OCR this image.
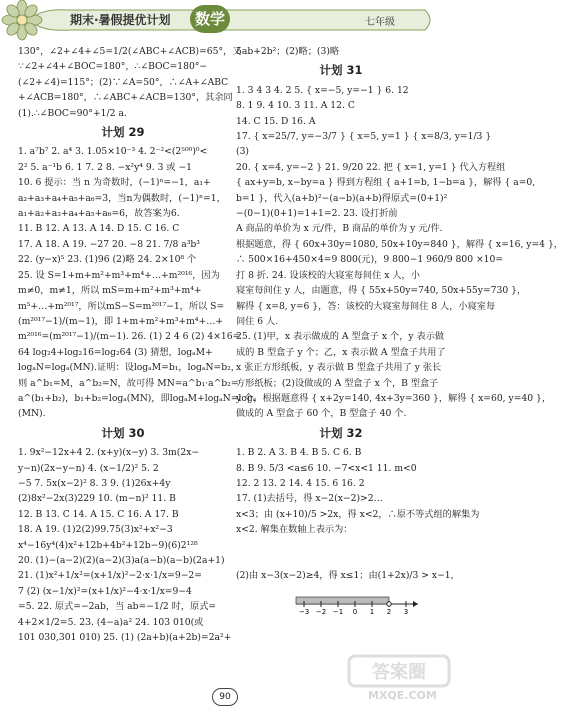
期末·暑假提优计划	数学	七年级
130°，∠2+∠4+∠5=1/2(∠ABC+∠ACB)=65°，又
∵∠2+∠4+∠BOC=180°，∴∠BOC=180°−
(∠2+∠4)=115°；(2)∵∠A=50°，∴∠A+∠ABC
+∠ACB=180°，∴∠ABC+∠ACB=130°，其余同
(1).∴∠BOC=90°+1/2 a.
计划 29
1. a⁷b⁷ 2. a⁴ 3. 1.05×10⁻³ 4. 2⁻²<(2⁵⁰⁰)⁰<
2² 5. a⁻¹b 6. 1 7. 2 8. −x²y⁴ 9. 3 或 −1
10. 6 提示：当 n 为奇数时，(−1)ⁿ=−1，a₁+
a₂+a₃+a₄+a₅+a₆=3，当n为偶数时，(−1)ⁿ=1，
a₁+a₂+a₃+a₄+a₅+a₆=6，故答案为6.
11. B 12. A 13. A 14. D 15. C 16. C
17. A 18. A 19. −27 20. −8 21. 7/8 a³b³
22. (y−x)⁵ 23. (1)96 (2)略 24. 2×10⁸ 个
25. 设 S=1+m+m²+m³+m⁴+…+m²⁰¹⁶，因为
m≠0，m≠1，所以 mS=m+m²+m³+m⁴+
m⁵+…+m²⁰¹⁷，所以mS−S=m²⁰¹⁷−1，所以 S=
(m²⁰¹⁷−1)/(m−1)，即 1+m+m²+m³+m⁴+…+
m²⁰¹⁶=(m²⁰¹⁷−1)/(m−1). 26. (1) 2 4 6 (2) 4×16=
64 log₂4+log₂16=log₂64 (3) 猜想，logₐM+
logₐN=logₐ(MN).证明：设logₐM=b₁，logₐN=b₂，
则 a^b₁=M，a^b₂=N，故可得 MN=a^b₁·a^b₂=
a^(b₁+b₂)，b₁+b₂=logₐ(MN)，即logₐM+logₐN=logₐ
(MN).
计划 30
1. 9x²−12x+4 2. (x+y)(x−y) 3. 3m(2x−
y−n)(2x−y−n) 4. (x−1/2)² 5. 2
−5 7. 5x(x−2)² 8. 3 9. (1)26x+4y
(2)8x²−2x(3)229 10. (m−n)² 11. B
12. B 13. C 14. A 15. C 16. A 17. B
18. A 19. (1)2(2)99.75(3)x²+x²−3
x⁴−16y⁴(4)x²+12b+4b²+12b−9)(6)2¹²⁸
20. (1)−(a−2)(2)(a−2)(3)a(a−b)(a−b)(2a+1)
21. (1)x²+1/x²=(x+1/x)²−2·x·1/x=9−2=
7 (2) (x−1/x)²=(x+1/x)²−4·x·1/x=9−4
=5. 22. 原式=−2ab，当 ab=−1/2 时，原式=
4+2×1/2=5. 23. (4−a)a² 24. 103 010(或
101 030,301 010) 25. (1) (2a+b)(a+2b)=2a²+
5ab+2b²；(2)略；(3)略
计划 31
1. 3 4 3 4. 2 5. { x=−5, y=−1 } 6. 12
8. 1 9. 4 10. 3 11. A 12. C
14. C 15. D 16. A
17. { x=25/7, y=−3/7 } { x=5, y=1 } { x=8/3, y=1/3 }
(3)
20. { x=4, y=−2 } 21. 9/20 22. 把 { x=1, y=1 } 代入方程组
{ ax+y=b, x−by=a } 得到方程组 { a+1=b, 1−b=a }，解得 { a=0,
b=1 }，代入(a+b)²−(a−b)(a+b)得原式=(0+1)²
−(0−1)(0+1)=1+1=2. 23. 设打折前
A 商品的单价为 x 元/件，B 商品的单价为 y 元/件.
根据题意，得 { 60x+30y=1080, 50x+10y=840 }，解得 { x=16, y=4 }，
∴ 500×16+450×4=9 800(元)，9 800−1 960/9 800 ×10=
打 8 折. 24. 设该校的大寝室每间住 x 人，小
寝室每间住 y 人，由题意，得 { 55x+50y=740, 50x+55y=730 }，
解得 { x=8, y=6 }，答：该校的大寝室每间住 8 人，小寝室每
间住 6 人.
25. (1)甲，x 表示做成的 A 型盒子 x 个，y 表示做
成的 B 型盒子 y 个；乙，x 表示做 A 型盒子共用了
x 张正方形纸板，y 表示做 B 型盒子共用了 y 张长
方形纸板；(2)设做成的 A 型盒子 x 个，B 型盒子
y 个，根据题意得 { x+2y=140, 4x+3y=360 }，解得 { x=60, y=40 }，
做成的 A 型盒子 60 个，B 型盒子 40 个.
计划 32
1. B 2. A 3. B 4. B 5. C 6. B
8. B 9. 5/3 <a≤6 10. −7<x<1 11. m<0
12. 2 13. 2 14. 4 15. 6 16. 2
17. (1)去括号，得 x−2(x−2)>2…
x<3；由 (x+10)/5 >2x，得 x<2，∴原不等式组的解集为
x<2. 解集在数轴上表示为：
(2)由 x−3(x−2)≥4，得 x≤1；由(1+2x)/3 > x−1，
−3 −2 −1 0 1 2 3
90
答案圈
MXQE.COM
